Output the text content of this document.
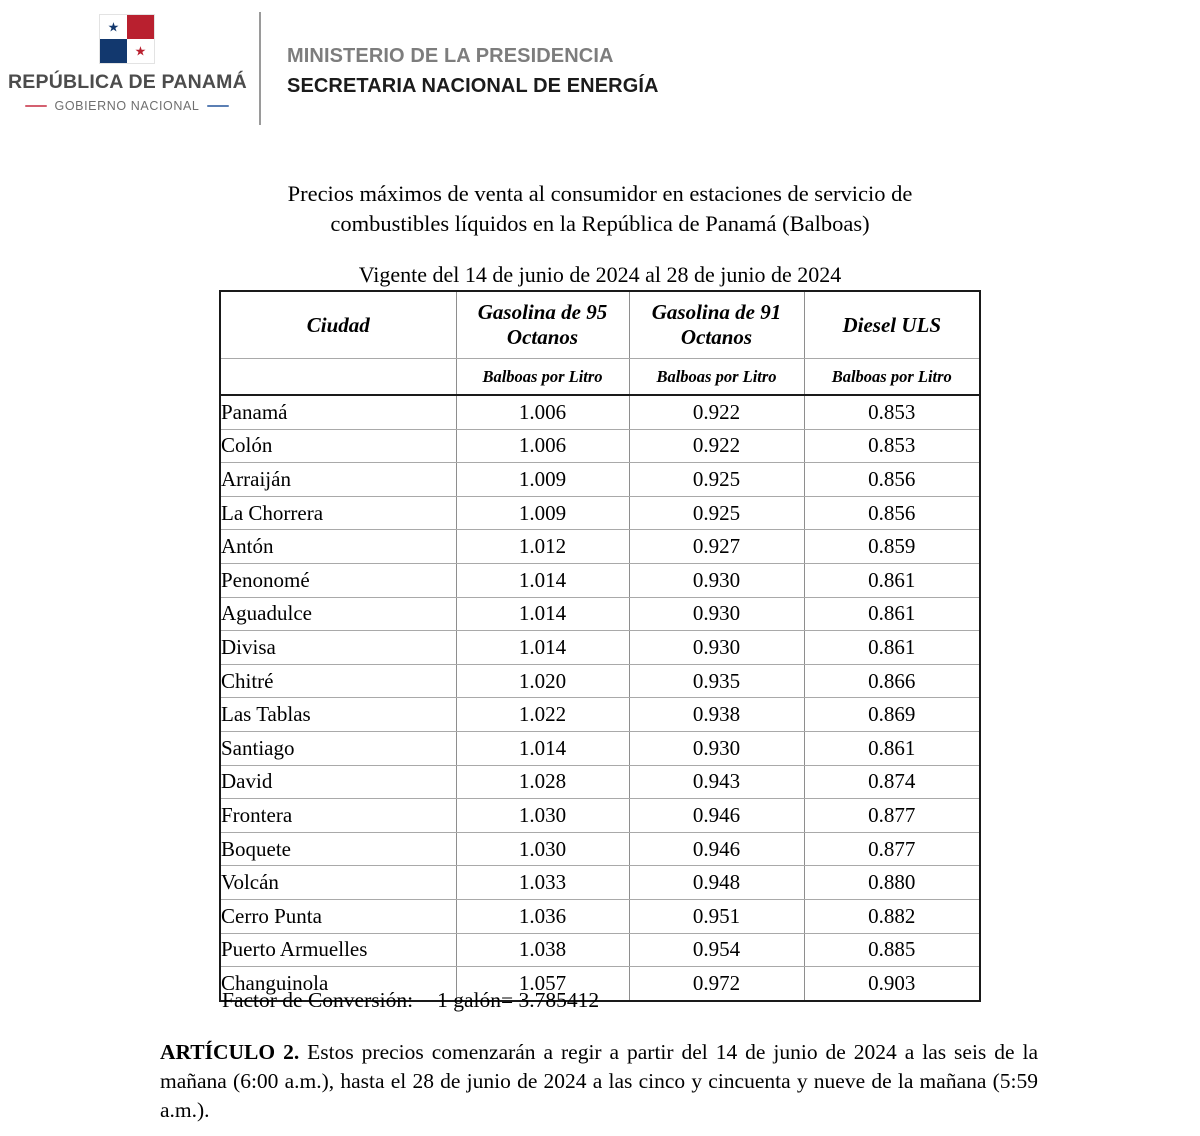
★
★
REPÚBLICA DE PANAMÁ
GOBIERNO NACIONAL
MINISTERIO DE LA PRESIDENCIA
SECRETARIA NACIONAL DE ENERGÍA
Precios máximos de venta al consumidor en estaciones de servicio de combustibles líquidos en la República de Panamá (Balboas)
Vigente del 14 de junio de 2024 al 28 de junio de 2024
Ciudad	Gasolina de 95 Octanos	Gasolina de 91 Octanos	Diesel ULS
	Balboas por Litro	Balboas por Litro	Balboas por Litro
Panamá	1.006	0.922	0.853
Colón	1.006	0.922	0.853
Arraiján	1.009	0.925	0.856
La Chorrera	1.009	0.925	0.856
Antón	1.012	0.927	0.859
Penonomé	1.014	0.930	0.861
Aguadulce	1.014	0.930	0.861
Divisa	1.014	0.930	0.861
Chitré	1.020	0.935	0.866
Las Tablas	1.022	0.938	0.869
Santiago	1.014	0.930	0.861
David	1.028	0.943	0.874
Frontera	1.030	0.946	0.877
Boquete	1.030	0.946	0.877
Volcán	1.033	0.948	0.880
Cerro Punta	1.036	0.951	0.882
Puerto Armuelles	1.038	0.954	0.885
Changuinola	1.057	0.972	0.903
Factor de Conversión: 1 galón= 3.785412
ARTÍCULO 2. Estos precios comenzarán a regir a partir del 14 de junio de 2024 a las seis de la mañana (6:00 a.m.), hasta el 28 de junio de 2024 a las cinco y cincuenta y nueve de la mañana (5:59 a.m.).
